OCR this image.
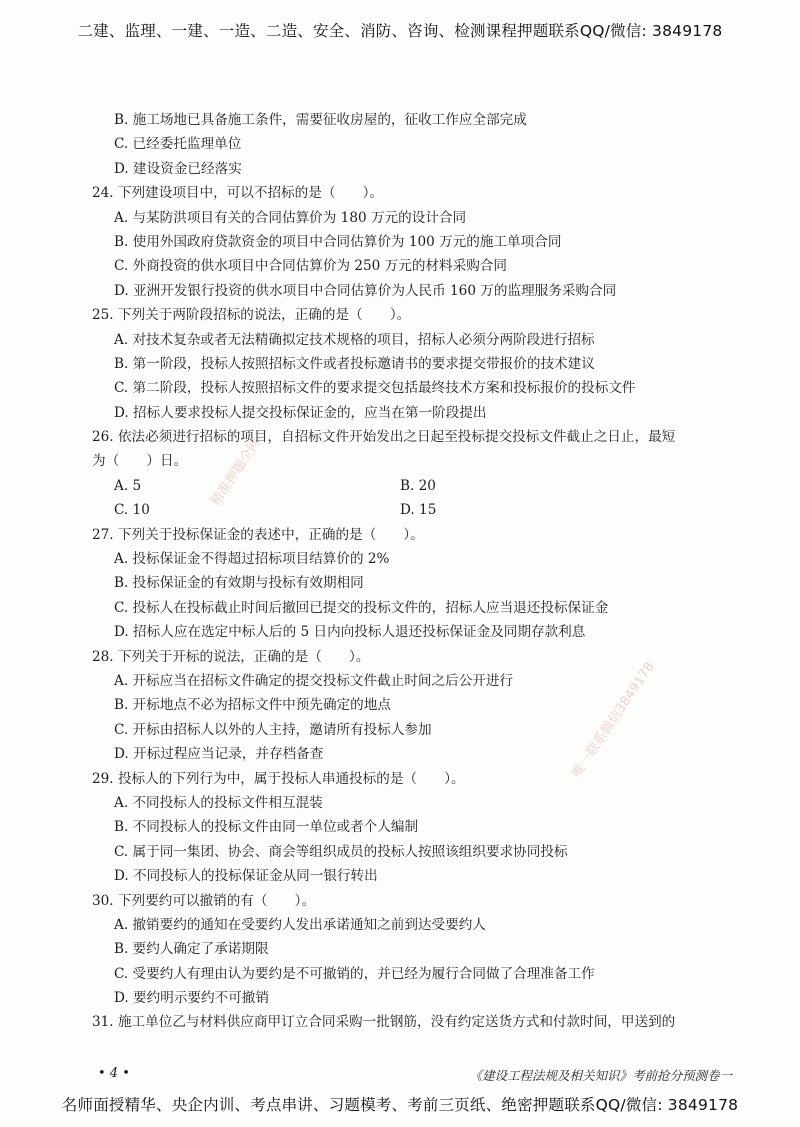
二建、监理、一建、一造、二造、安全、消防、咨询、检测课程押题联系QQ/微信: 3849178
精准押题全网
唯一联系微信3849178
B. 施工场地已具备施工条件，需要征收房屋的，征收工作应全部完成
C. 已经委托监理单位
D. 建设资金已经落实
24. 下列建设项目中，可以不招标的是（　　）。
A. 与某防洪项目有关的合同估算价为 180 万元的设计合同
B. 使用外国政府贷款资金的项目中合同估算价为 100 万元的施工单项合同
C. 外商投资的供水项目中合同估算价为 250 万元的材料采购合同
D. 亚洲开发银行投资的供水项目中合同估算价为人民币 160 万的监理服务采购合同
25. 下列关于两阶段招标的说法，正确的是（　　）。
A. 对技术复杂或者无法精确拟定技术规格的项目，招标人必须分两阶段进行招标
B. 第一阶段，投标人按照招标文件或者投标邀请书的要求提交带报价的技术建议
C. 第二阶段，投标人按照招标文件的要求提交包括最终技术方案和投标报价的投标文件
D. 招标人要求投标人提交投标保证金的，应当在第一阶段提出
26. 依法必须进行招标的项目，自招标文件开始发出之日起至投标提交投标文件截止之日止，最短
为（　　）日。
A. 5	B. 20
C. 10	D. 15
27. 下列关于投标保证金的表述中，正确的是（　　）。
A. 投标保证金不得超过招标项目结算价的 2%
B. 投标保证金的有效期与投标有效期相同
C. 投标人在投标截止时间后撤回已提交的投标文件的，招标人应当退还投标保证金
D. 招标人应在选定中标人后的 5 日内向投标人退还投标保证金及同期存款利息
28. 下列关于开标的说法，正确的是（　　）。
A. 开标应当在招标文件确定的提交投标文件截止时间之后公开进行
B. 开标地点不必为招标文件中预先确定的地点
C. 开标由招标人以外的人主持，邀请所有投标人参加
D. 开标过程应当记录，并存档备查
29. 投标人的下列行为中，属于投标人串通投标的是（　　）。
A. 不同投标人的投标文件相互混装
B. 不同投标人的投标文件由同一单位或者个人编制
C. 属于同一集团、协会、商会等组织成员的投标人按照该组织要求协同投标
D. 不同投标人的投标保证金从同一银行转出
30. 下列要约可以撤销的有（　　）。
A. 撤销要约的通知在受要约人发出承诺通知之前到达受要约人
B. 要约人确定了承诺期限
C. 受要约人有理由认为要约是不可撤销的，并已经为履行合同做了合理准备工作
D. 要约明示要约不可撤销
31. 施工单位乙与材料供应商甲订立合同采购一批钢筋，没有约定送货方式和付款时间，甲送到的
• 4 •	《建设工程法规及相关知识》考前抢分预测卷一
名师面授精华、央企内训、考点串讲、习题模考、考前三页纸、绝密押题联系QQ/微信: 3849178
